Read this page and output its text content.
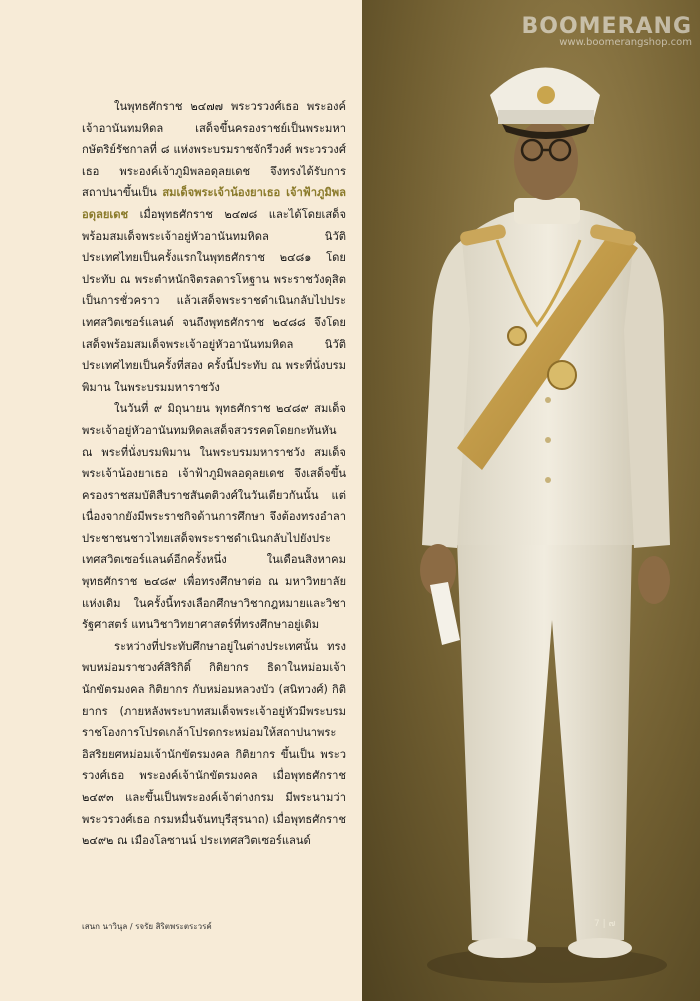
ในพุทธศักราช ๒๔๗๗ พระวรวงศ์เธอ พระองค์เจ้าอานันทมหิดล เสด็จขึ้นครองราชย์เป็นพระมหากษัตริย์รัชกาลที่ ๘ แห่งพระบรมราชจักรีวงศ์ พระวรวงศ์เธอ พระองค์เจ้าภูมิพลอดุลยเดช จึงทรงได้รับการสถาปนาขึ้นเป็น สมเด็จพระเจ้าน้องยาเธอ เจ้าฟ้าภูมิพลอดุลยเดช เมื่อพุทธศักราช ๒๔๗๘ และได้โดยเสด็จพร้อมสมเด็จพระเจ้าอยู่หัวอานันทมหิดล นิวัติประเทศไทยเป็นครั้งแรกในพุทธศักราช ๒๔๘๑ โดยประทับ ณ พระตำหนักจิตรลดารโหฐาน พระราชวังดุสิต เป็นการชั่วคราว แล้วเสด็จพระราชดำเนินกลับไปประเทศสวิตเซอร์แลนด์ จนถึงพุทธศักราช ๒๔๘๘ จึงโดยเสด็จพร้อมสมเด็จพระเจ้าอยู่หัวอานันทมหิดล นิวัติประเทศไทยเป็นครั้งที่สอง ครั้งนี้ประทับ ณ พระที่นั่งบรมพิมาน ในพระบรมมหาราชวัง

ในวันที่ ๙ มิถุนายน พุทธศักราช ๒๔๘๙ สมเด็จพระเจ้าอยู่หัวอานันทมหิดลเสด็จสวรรคตโดยกะทันหัน ณ พระที่นั่งบรมพิมาน ในพระบรมมหาราชวัง สมเด็จพระเจ้าน้องยาเธอ เจ้าฟ้าภูมิพลอดุลยเดช จึงเสด็จขึ้นครองราชสมบัติสืบราชสันตติวงศ์ในวันเดียวกันนั้น แต่เนื่องจากยังมีพระราชกิจด้านการศึกษา จึงต้องทรงอำลาประชาชนชาวไทยเสด็จพระราชดำเนินกลับไปยังประเทศสวิตเซอร์แลนด์อีกครั้งหนึ่ง ในเดือนสิงหาคม พุทธศักราช ๒๔๘๙ เพื่อทรงศึกษาต่อ ณ มหาวิทยาลัยแห่งเดิม ในครั้งนี้ทรงเลือกศึกษาวิชากฎหมายและวิชารัฐศาสตร์ แทนวิชาวิทยาศาสตร์ที่ทรงศึกษาอยู่เดิม

ระหว่างที่ประทับศึกษาอยู่ในต่างประเทศนั้น ทรงพบหม่อมราชวงศ์สิริกิติ์ กิติยากร ธิดาในหม่อมเจ้านักขัตรมงคล กิติยากร กับหม่อมหลวงบัว (สนิทวงศ์) กิติยากร (ภายหลังพระบาทสมเด็จพระเจ้าอยู่หัวมีพระบรมราชโองการโปรดเกล้าโปรดกระหม่อมให้สถาปนาพระอิสริยยศหม่อมเจ้านักขัตรมงคล กิติยากร ขึ้นเป็น พระวรวงศ์เธอ พระองค์เจ้านักขัตรมงคล เมื่อพุทธศักราช ๒๔๙๓ และขึ้นเป็นพระองค์เจ้าต่างกรม มีพระนามว่า พระวรวงศ์เธอ กรมหมื่นจันทบุรีสุรนาถ) เมื่อพุทธศักราช ๒๔๙๒ ณ เมืองโลซานน์ ประเทศสวิตเซอร์แลนด์

เสนก นาวินุล / รจรัย สิริตพระตระวรค์
BOOMERANG
www.boomerangshop.com
7 | ๗
